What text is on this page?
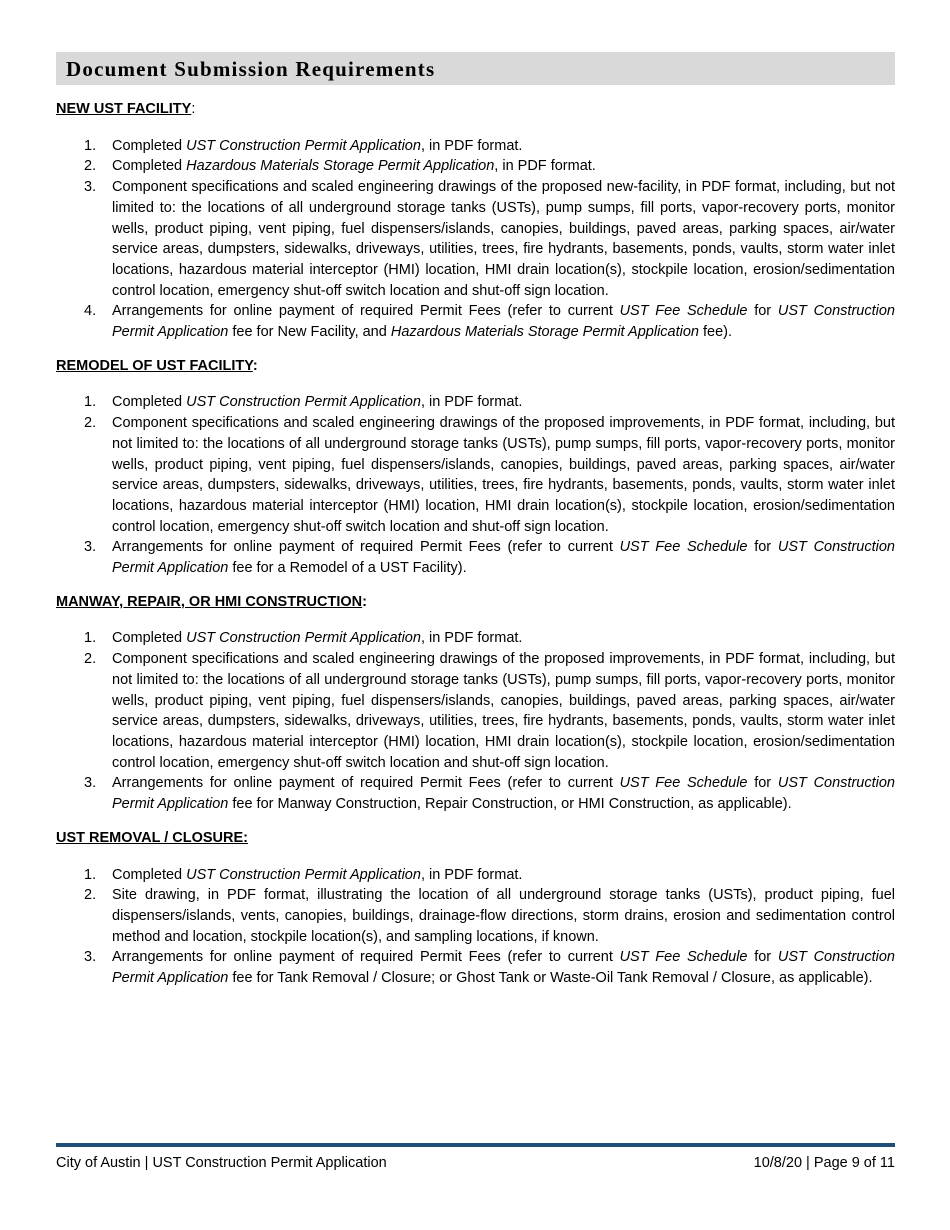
Document Submission Requirements

NEW UST FACILITY:

1. Completed UST Construction Permit Application, in PDF format.
2. Completed Hazardous Materials Storage Permit Application, in PDF format.
3. Component specifications and scaled engineering drawings of the proposed new-facility, in PDF format, including, but not limited to: the locations of all underground storage tanks (USTs), pump sumps, fill ports, vapor-recovery ports, monitor wells, product piping, vent piping, fuel dispensers/islands, canopies, buildings, paved areas, parking spaces, air/water service areas, dumpsters, sidewalks, driveways, utilities, trees, fire hydrants, basements, ponds, vaults, storm water inlet locations, hazardous material interceptor (HMI) location, HMI drain location(s), stockpile location, erosion/sedimentation control location, emergency shut-off switch location and shut-off sign location.
4. Arrangements for online payment of required Permit Fees (refer to current UST Fee Schedule for UST Construction Permit Application fee for New Facility, and Hazardous Materials Storage Permit Application fee).

REMODEL OF UST FACILITY:

1. Completed UST Construction Permit Application, in PDF format.
2. Component specifications and scaled engineering drawings of the proposed improvements, in PDF format, including, but not limited to: the locations of all underground storage tanks (USTs), pump sumps, fill ports, vapor-recovery ports, monitor wells, product piping, vent piping, fuel dispensers/islands, canopies, buildings, paved areas, parking spaces, air/water service areas, dumpsters, sidewalks, driveways, utilities, trees, fire hydrants, basements, ponds, vaults, storm water inlet locations, hazardous material interceptor (HMI) location, HMI drain location(s), stockpile location, erosion/sedimentation control location, emergency shut-off switch location and shut-off sign location.
3. Arrangements for online payment of required Permit Fees (refer to current UST Fee Schedule for UST Construction Permit Application fee for a Remodel of a UST Facility).

MANWAY, REPAIR, OR HMI CONSTRUCTION:

1. Completed UST Construction Permit Application, in PDF format.
2. Component specifications and scaled engineering drawings of the proposed improvements, in PDF format, including, but not limited to: the locations of all underground storage tanks (USTs), pump sumps, fill ports, vapor-recovery ports, monitor wells, product piping, vent piping, fuel dispensers/islands, canopies, buildings, paved areas, parking spaces, air/water service areas, dumpsters, sidewalks, driveways, utilities, trees, fire hydrants, basements, ponds, vaults, storm water inlet locations, hazardous material interceptor (HMI) location, HMI drain location(s), stockpile location, erosion/sedimentation control location, emergency shut-off switch location and shut-off sign location.
3. Arrangements for online payment of required Permit Fees (refer to current UST Fee Schedule for UST Construction Permit Application fee for Manway Construction, Repair Construction, or HMI Construction, as applicable).

UST REMOVAL / CLOSURE:

1. Completed UST Construction Permit Application, in PDF format.
2. Site drawing, in PDF format, illustrating the location of all underground storage tanks (USTs), product piping, fuel dispensers/islands, vents, canopies, buildings, drainage-flow directions, storm drains, erosion and sedimentation control method and location, stockpile location(s), and sampling locations, if known.
3. Arrangements for online payment of required Permit Fees (refer to current UST Fee Schedule for UST Construction Permit Application fee for Tank Removal / Closure; or Ghost Tank or Waste-Oil Tank Removal / Closure, as applicable).
City of Austin | UST Construction Permit Application	10/8/20 | Page 9 of 11
